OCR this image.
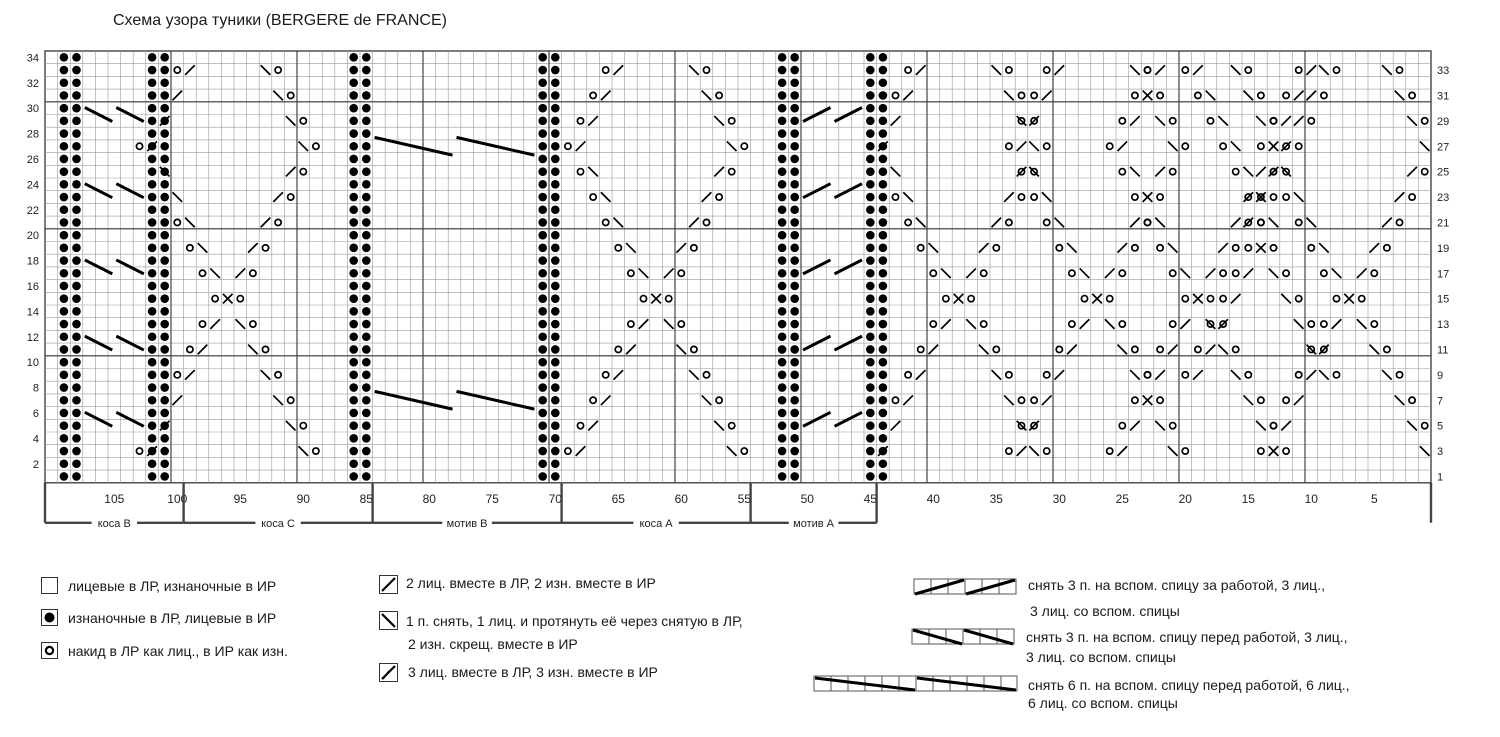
Схема узора туники (BERGERE de FRANCE)
2
4
6
8
10
12
14
16
18
20
22
24
26
28
30
32
34
1
3
5
7
9
11
13
15
17
19
21
23
25
27
29
31
33
105	100	95	90	85	80	75	70	65	60	55	50	45	40	35	30	25	20	15	10	5
коса B	коса C	мотив B	коса A	мотив A
лицевые в ЛР, изнаночные в ИР
изнаночные в ЛР, лицевые в ИР
накид в ЛР как лиц., в ИР как изн.
2 лиц. вместе в ЛР, 2 изн. вместе в ИР
1 п. снять, 1 лиц. и протянуть её через снятую в ЛР,
2 изн. скрещ. вместе в ИР
3 лиц. вместе в ЛР, 3 изн. вместе в ИР
снять 3 п. на вспом. спицу за работой, 3 лиц.,
3 лиц. со вспом. спицы
снять 3 п. на вспом. спицу перед работой, 3 лиц.,
3 лиц. со вспом. спицы
снять 6 п. на вспом. спицу перед работой, 6 лиц.,
6 лиц. со вспом. спицы
